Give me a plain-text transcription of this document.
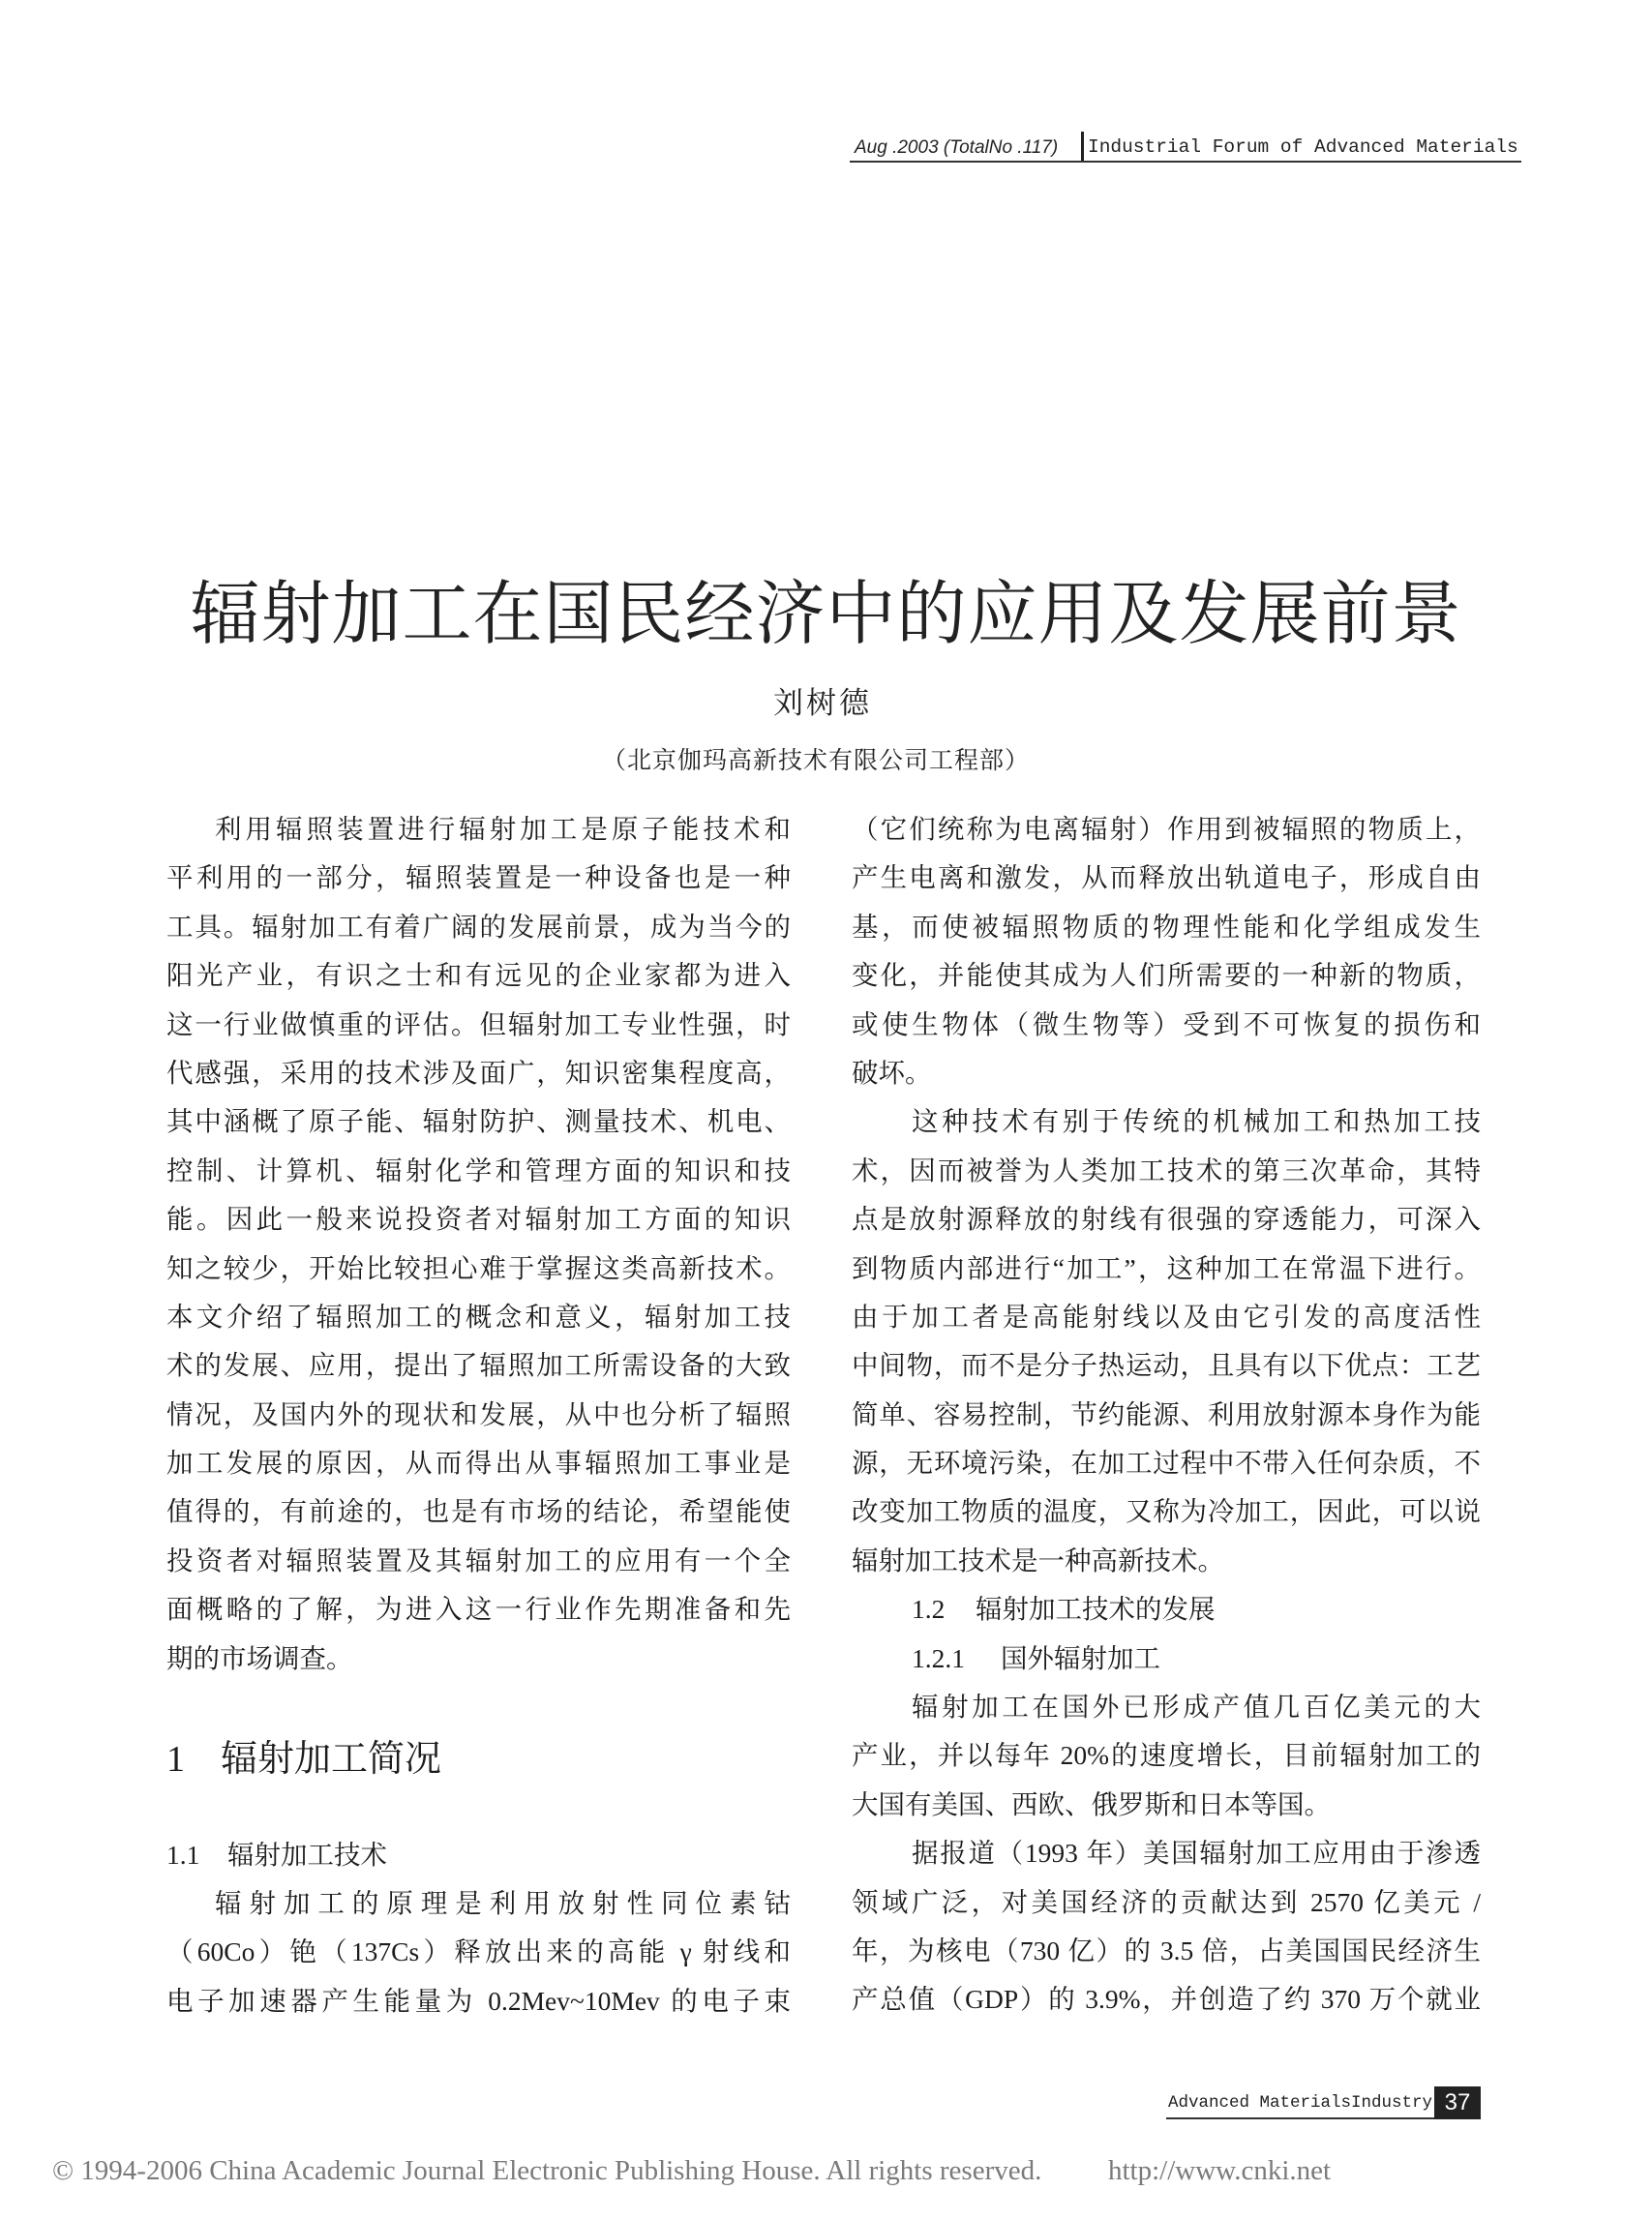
Aug .2003 (TotalNo .117) Industrial Forum of Advanced Materials
辐射加工在国民经济中的应用及发展前景
刘树德
（北京伽玛高新技术有限公司工程部）
利用辐照装置进行辐射加工是原子能技术和
平利用的一部分，辐照装置是一种设备也是一种
工具。辐射加工有着广阔的发展前景，成为当今的
阳光产业，有识之士和有远见的企业家都为进入
这一行业做慎重的评估。但辐射加工专业性强，时
代感强，采用的技术涉及面广，知识密集程度高，
其中涵概了原子能、辐射防护、测量技术、机电、
控制、计算机、辐射化学和管理方面的知识和技
能。因此一般来说投资者对辐射加工方面的知识
知之较少，开始比较担心难于掌握这类高新技术。
本文介绍了辐照加工的概念和意义，辐射加工技
术的发展、应用，提出了辐照加工所需设备的大致
情况，及国内外的现状和发展，从中也分析了辐照
加工发展的原因，从而得出从事辐照加工事业是
值得的，有前途的，也是有市场的结论，希望能使
投资者对辐照装置及其辐射加工的应用有一个全
面概略的了解，为进入这一行业作先期准备和先
期的市场调查。
1 辐射加工简况
1.1 辐射加工技术
辐射加工的原理是利用放射性同位素钴
（60Co）铯（137Cs）释放出来的高能 γ 射线和
电子加速器产生能量为 0.2Mev~10Mev 的电子束
（它们统称为电离辐射）作用到被辐照的物质上，
产生电离和激发，从而释放出轨道电子，形成自由
基，而使被辐照物质的物理性能和化学组成发生
变化，并能使其成为人们所需要的一种新的物质，
或使生物体（微生物等）受到不可恢复的损伤和
破坏。
这种技术有别于传统的机械加工和热加工技
术，因而被誉为人类加工技术的第三次革命，其特
点是放射源释放的射线有很强的穿透能力，可深入
到物质内部进行“加工”，这种加工在常温下进行。
由于加工者是高能射线以及由它引发的高度活性
中间物，而不是分子热运动，且具有以下优点：工艺
简单、容易控制，节约能源、利用放射源本身作为能
源，无环境污染，在加工过程中不带入任何杂质，不
改变加工物质的温度，又称为冷加工，因此，可以说
辐射加工技术是一种高新技术。
1.2 辐射加工技术的发展
1.2.1 国外辐射加工
辐射加工在国外已形成产值几百亿美元的大
产业，并以每年 20%的速度增长，目前辐射加工的
大国有美国、西欧、俄罗斯和日本等国。
据报道（1993 年）美国辐射加工应用由于渗透
领域广泛，对美国经济的贡献达到 2570 亿美元 /
年，为核电（730 亿）的 3.5 倍，占美国国民经济生
产总值（GDP）的 3.9%，并创造了约 370 万个就业
Advanced MaterialsIndustry 37
© 1994-2006 China Academic Journal Electronic Publishing House. All rights reserved. http://www.cnki.net
